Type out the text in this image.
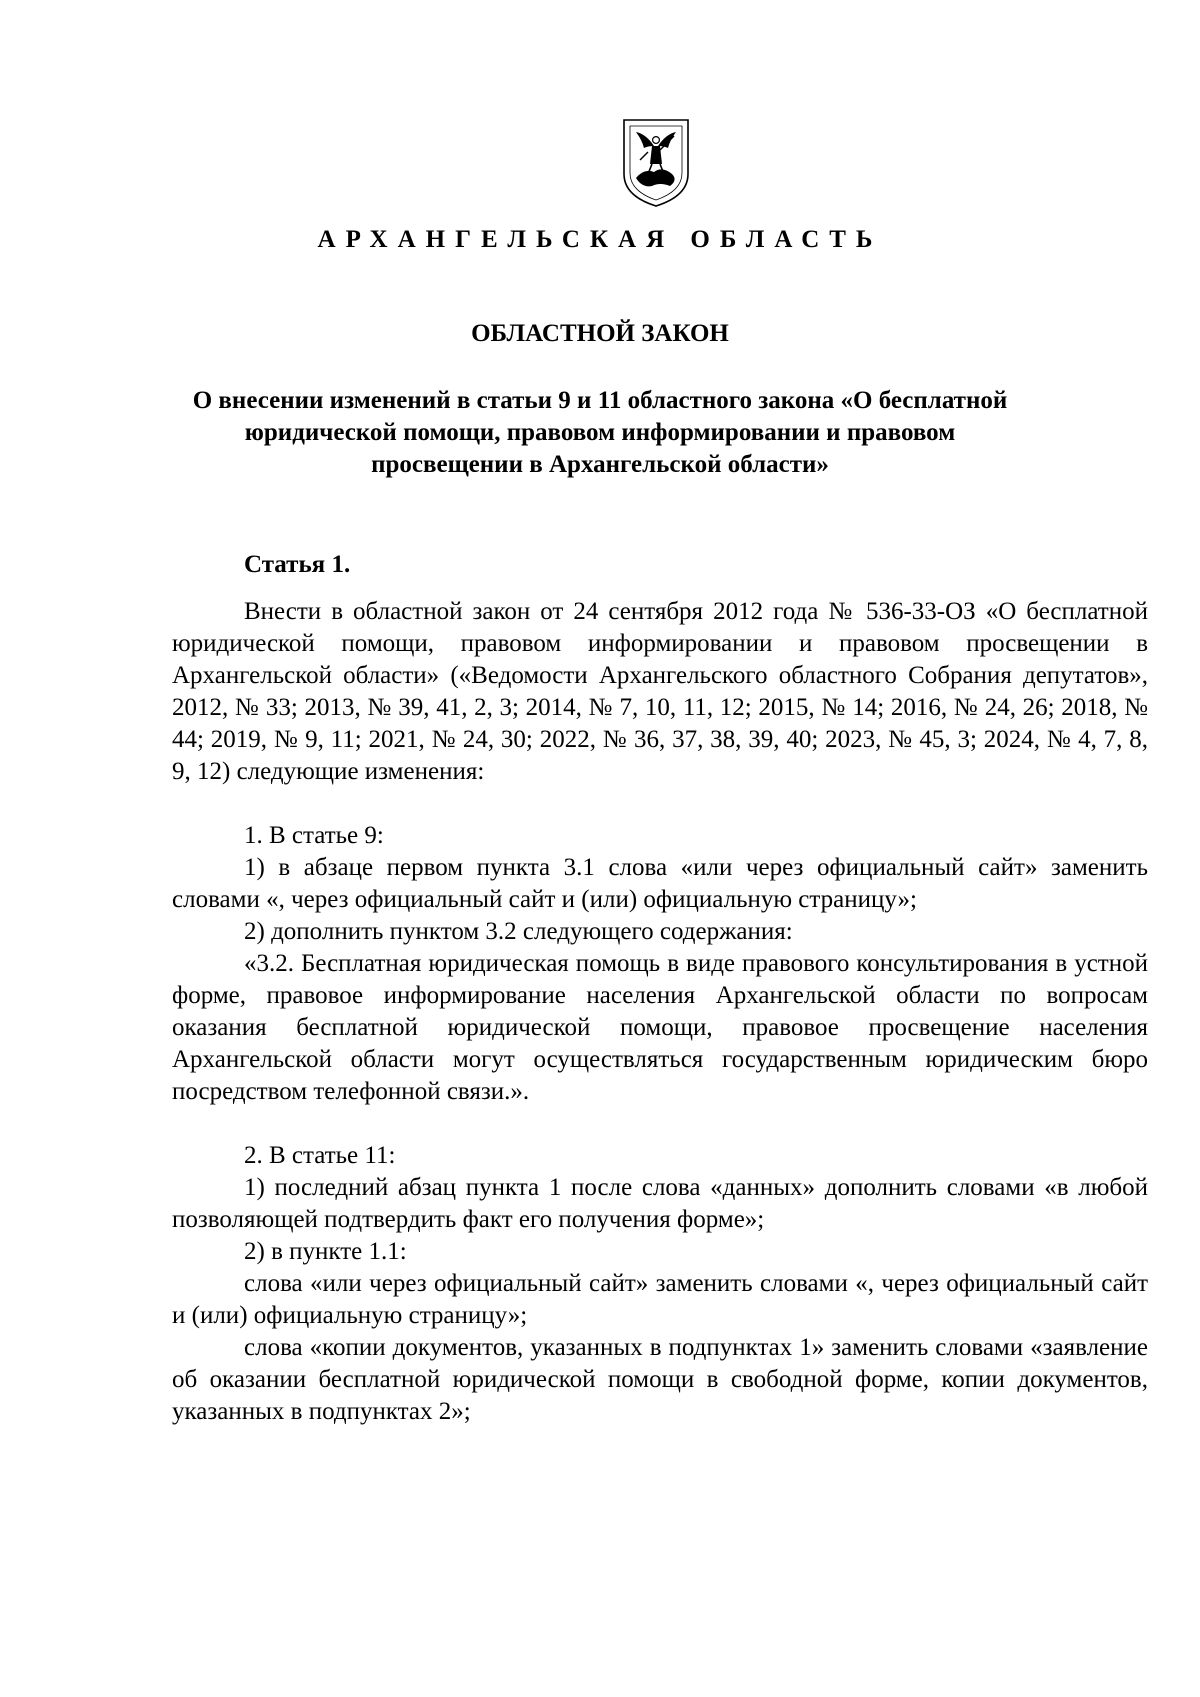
АРХАНГЕЛЬСКАЯ ОБЛАСТЬ
ОБЛАСТНОЙ ЗАКОН
О внесении изменений в статьи 9 и 11 областного закона «О бесплатной
юридической помощи, правовом информировании и правовом
просвещении в Архангельской области»
Статья 1.

Внести в областной закон от 24 сентября 2012 года № 536-33-ОЗ «О бесплатной юридической помощи, правовом информировании и правовом просвещении в Архангельской области» («Ведомости Архангельского областного Собрания депутатов», 2012, № 33; 2013, № 39, 41, 2, 3; 2014, № 7, 10, 11, 12; 2015, № 14; 2016, № 24, 26; 2018, № 44; 2019, № 9, 11; 2021, № 24, 30; 2022, № 36, 37, 38, 39, 40; 2023, № 45, 3; 2024, № 4, 7, 8, 9, 12) следующие изменения:

1. В статье 9:

1) в абзаце первом пункта 3.1 слова «или через официальный сайт» заменить словами «, через официальный сайт и (или) официальную страницу»;

2) дополнить пунктом 3.2 следующего содержания:

«3.2. Бесплатная юридическая помощь в виде правового консультирования в устной форме, правовое информирование населения Архангельской области по вопросам оказания бесплатной юридической помощи, правовое просвещение населения Архангельской области могут осуществляться государственным юридическим бюро посредством телефонной связи.».

2. В статье 11:

1) последний абзац пункта 1 после слова «данных» дополнить словами «в любой позволяющей подтвердить факт его получения форме»;

2) в пункте 1.1:

слова «или через официальный сайт» заменить словами «, через официальный сайт и (или) официальную страницу»;

слова «копии документов, указанных в подпунктах 1» заменить словами «заявление об оказании бесплатной юридической помощи в свободной форме, копии документов, указанных в подпунктах 2»;
